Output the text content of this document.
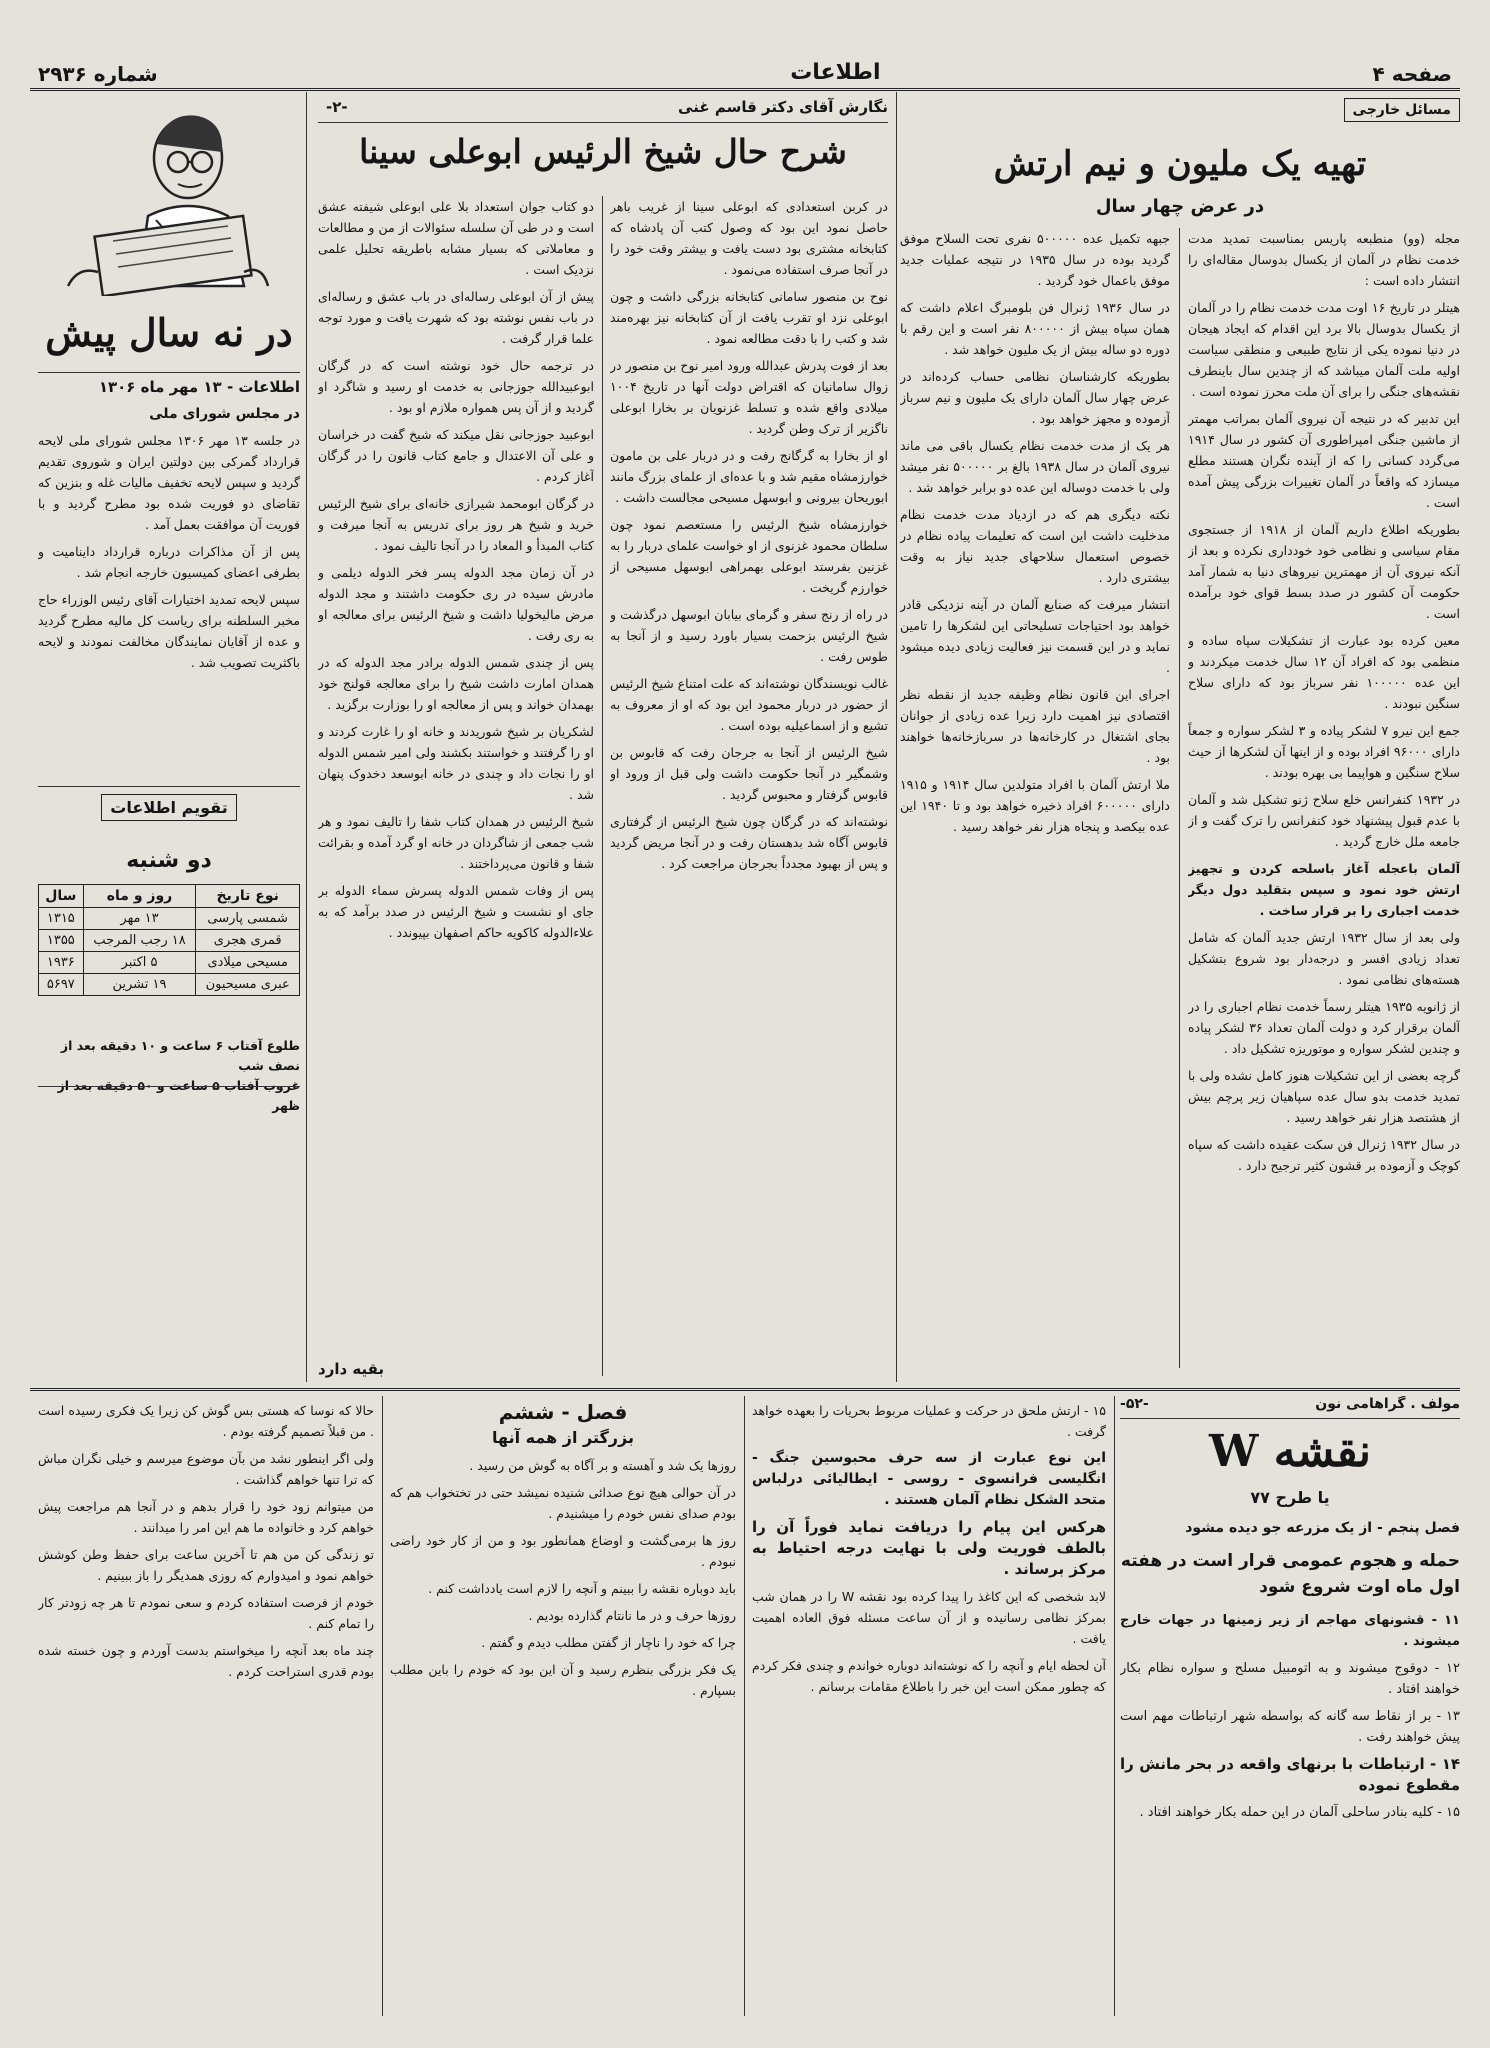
صفحه ۴
اطلاعات
شماره ۲۹۳۶
مسائل خارجی
تهیه یک ملیون و نیم ارتش
در عرض چهار سال

مجله (وو) منطبعه پاریس بمناسبت تمدید مدت خدمت نظام در آلمان از یکسال بدوسال مقاله‌ای را انتشار داده است :

هیتلر در تاریخ ۱۶ اوت مدت خدمت نظام را در آلمان از یکسال بدوسال بالا برد این اقدام که ایجاد هیجان در دنیا نموده یکی از نتایج طبیعی و منطقی سیاست اولیه ملت آلمان میباشد که از چندین سال باینطرف نقشه‌های جنگی را برای آن ملت محرز نموده است .

این تدبیر که در نتیجه آن نیروی آلمان بمراتب مهمتر از ماشین جنگی امپراطوری آن کشور در سال ۱۹۱۴ می‌گردد کسانی را که از آینده نگران هستند مطلع میسازد که واقعاً در آلمان تغییرات بزرگی پیش آمده است .

بطوریکه اطلاع داریم آلمان از ۱۹۱۸ از جستجوی مقام سیاسی و نظامی خود خودداری نکرده و بعد از آنکه نیروی آن از مهمترین نیروهای دنیا به شمار آمد حکومت آن کشور در صدد بسط قوای خود برآمده است .

معین کرده بود عبارت از تشکیلات سپاه ساده و منظمی بود که افراد آن ۱۲ سال خدمت میکردند و این عده ۱۰۰۰۰۰ نفر سرباز بود که دارای سلاح سنگین نبودند .

جمع این نیرو ۷ لشکر پیاده و ۳ لشکر سواره و جمعاً دارای ۹۶۰۰۰ افراد بوده و از اینها آن لشکرها از حیث سلاح سنگین و هواپیما بی بهره بودند .

در ۱۹۳۲ کنفرانس خلع سلاح ژنو تشکیل شد و آلمان با عدم قبول پیشنهاد خود کنفرانس را ترک گفت و از جامعه ملل خارج گردید .

آلمان باعجله آغاز باسلحه کردن و تجهیز ارتش خود نمود و سپس بتقلید دول دیگر خدمت اجباری را بر قرار ساخت .

ولی بعد از سال ۱۹۳۲ ارتش جدید آلمان که شامل تعداد زیادی افسر و درجه‌دار بود شروع بتشکیل هسته‌های نظامی نمود .

از ژانویه ۱۹۳۵ هیتلر رسماً خدمت نظام اجباری را در آلمان برقرار کرد و دولت آلمان تعداد ۳۶ لشکر پیاده و چندین لشکر سواره و موتوریزه تشکیل داد .

گرچه بعضی از این تشکیلات هنوز کامل نشده ولی با تمدید خدمت بدو سال عده سپاهیان زیر پرچم بیش از هشتصد هزار نفر خواهد رسید .

در سال ۱۹۳۲ ژنرال فن سکت عقیده داشت که سپاه کوچک و آزموده بر قشون کثیر ترجیح دارد .

جبهه تکمیل عده ۵۰۰۰۰۰ نفری تحت السلاح موفق گردید بوده در سال ۱۹۳۵ در نتیجه عملیات جدید موفق باعمال خود گردید .

در سال ۱۹۳۶ ژنرال فن بلومبرگ اعلام داشت که همان سپاه بیش از ۸۰۰۰۰۰ نفر است و این رقم با دوره دو ساله بیش از یک ملیون خواهد شد .

بطوریکه کارشناسان نظامی حساب کرده‌اند در عرض چهار سال آلمان دارای یک ملیون و نیم سرباز آزموده و مجهز خواهد بود .

هر یک از مدت خدمت نظام یکسال باقی می ماند نیروی آلمان در سال ۱۹۳۸ بالغ بر ۵۰۰۰۰۰ نفر میشد ولی با خدمت دوساله این عده دو برابر خواهد شد .

نکته دیگری هم که در ازدیاد مدت خدمت نظام مدخلیت داشت این است که تعلیمات پیاده نظام در خصوص استعمال سلاحهای جدید نیاز به وقت بیشتری دارد .

انتشار میرفت که صنایع آلمان در آینه نزدیکی قادر خواهد بود احتیاجات تسلیحاتی این لشکرها را تامین نماید و در این قسمت نیز فعالیت زیادی دیده میشود .

اجرای این قانون نظام وظیفه جدید از نقطه نظر اقتصادی نیز اهمیت دارد زیرا عده زیادی از جوانان بجای اشتغال در کارخانه‌ها در سربازخانه‌ها خواهند بود .

ملا ارتش آلمان با افراد متولدین سال ۱۹۱۴ و ۱۹۱۵ دارای ۶۰۰۰۰۰ افراد ذخیره خواهد بود و تا ۱۹۴۰ این عده بیکصد و پنجاه هزار نفر خواهد رسید .

نگارش آقای دکتر قاسم غنی
-۲-
شرح حال شیخ الرئیس ابوعلی سینا

در کربن استعدادی که ابوعلی سینا از غریب باهر حاصل نمود این بود که وصول کتب آن پادشاه که کتابخانه مشتری بود دست یافت و بیشتر وقت خود را در آنجا صرف استفاده می‌نمود .

نوح بن منصور سامانی کتابخانه بزرگی داشت و چون ابوعلی نزد او تقرب یافت از آن کتابخانه نیز بهره‌مند شد و کتب را با دقت مطالعه نمود .

بعد از فوت پدرش عبدالله ورود امیر نوح بن منصور در زوال سامانیان که اقتراض دولت آنها در تاریخ ۱۰۰۴ میلادی واقع شده و تسلط غزنویان بر بخارا ابوعلی ناگزیر از ترک وطن گردید .

او از بخارا به گرگانج رفت و در دربار علی بن مامون خوارزمشاه مقیم شد و با عده‌ای از علمای بزرگ مانند ابوریحان بیرونی و ابوسهل مسیحی مجالست داشت .

خوارزمشاه شیخ الرئیس را مستعصم نمود چون سلطان محمود غزنوی از او خواست علمای دربار را به غزنین بفرستد ابوعلی بهمراهی ابوسهل مسیحی از خوارزم گریخت .

در راه از رنج سفر و گرمای بیابان ابوسهل درگذشت و شیخ الرئیس بزحمت بسیار باورد رسید و از آنجا به طوس رفت .

غالب نویسندگان نوشته‌اند که علت امتناع شیخ الرئیس از حضور در دربار محمود این بود که او از معروف به تشیع و از اسماعیلیه بوده است .

شیخ الرئیس از آنجا به جرجان رفت که قابوس بن وشمگیر در آنجا حکومت داشت ولی قبل از ورود او قابوس گرفتار و محبوس گردید .

نوشته‌اند که در گرگان چون شیخ الرئیس از گرفتاری قابوس آگاه شد بدهستان رفت و در آنجا مریض گردید و پس از بهبود مجدداً بجرجان مراجعت کرد .

دو کتاب جوان استعداد بلا علی ابوعلی شیفته عشق است و در طی آن سلسله سئوالات از من و مطالعات و معاملاتی که بسیار مشابه باطریقه تحلیل علمی نزدیک است .

پیش از آن ابوعلی رساله‌ای در باب عشق و رساله‌ای در باب نفس نوشته بود که شهرت یافت و مورد توجه علما قرار گرفت .

در ترجمه حال خود نوشته است که در گرگان ابوعبیدالله جوزجانی به خدمت او رسید و شاگرد او گردید و از آن پس همواره ملازم او بود .

ابوعبید جوزجانی نقل میکند که شیخ گفت در خراسان و علی آن الاعتدال و جامع کتاب قانون را در گرگان آغاز کردم .

در گرگان ابومحمد شیرازی خانه‌ای برای شیخ الرئیس خرید و شیخ هر روز برای تدریس به آنجا میرفت و کتاب المبدأ و المعاد را در آنجا تالیف نمود .

در آن زمان مجد الدوله پسر فخر الدوله دیلمی و مادرش سیده در ری حکومت داشتند و مجد الدوله مرض مالیخولیا داشت و شیخ الرئیس برای معالجه او به ری رفت .

پس از چندی شمس الدوله برادر مجد الدوله که در همدان امارت داشت شیخ را برای معالجه قولنج خود بهمدان خواند و پس از معالجه او را بوزارت برگزید .

لشکریان بر شیخ شوریدند و خانه او را غارت کردند و او را گرفتند و خواستند بکشند ولی امیر شمس الدوله او را نجات داد و چندی در خانه ابوسعد دخدوک پنهان شد .

شیخ الرئیس در همدان کتاب شفا را تالیف نمود و هر شب جمعی از شاگردان در خانه او گرد آمده و بقرائت شفا و قانون می‌پرداختند .

پس از وفات شمس الدوله پسرش سماء الدوله بر جای او نشست و شیخ الرئیس در صدد برآمد که به علاءالدوله کاکویه حاکم اصفهان بپیوندد .

بقیه دارد
در نه سال پیش
اطلاعات - ۱۳ مهر ماه ۱۳۰۶
در مجلس شورای ملی

در جلسه ۱۳ مهر ۱۳۰۶ مجلس شورای ملی لایحه قرارداد گمرکی بین دولتین ایران و شوروی تقدیم گردید و سپس لایحه تخفیف مالیات غله و بنزین که تقاضای دو فوریت شده بود مطرح گردید و با فوریت آن موافقت بعمل آمد .

پس از آن مذاکرات درباره قرارداد داینامیت و بطرفی اعضای کمیسیون خارجه انجام شد .

سپس لایحه تمدید اختیارات آقای رئیس الوزراء حاج مخبر السلطنه برای ریاست کل مالیه مطرح گردید و عده از آقایان نمایندگان مخالفت نمودند و لایحه باکثریت تصویب شد .

تقویم اطلاعات
دو شنبه
نوع تاریخ	روز و ماه	سال
شمسی پارسی	۱۳ مهر	۱۳۱۵
قمری هجری	۱۸ رجب المرجب	۱۳۵۵
مسیحی میلادی	۵ اکتبر	۱۹۳۶
عبری مسیحیون	۱۹ تشرین	۵۶۹۷
طلوع آفتاب ۶ ساعت و ۱۰ دقیقه بعد از نصف شب
غروب آفتاب ۵ ساعت و ۵۰ دقیقه بعد از ظهر
مولف . گراهامی نون
-۵۲-
نقشه W
یا طرح ۷۷
فصل پنجم - از یک مزرعه جو دیده مشود
حمله و هجوم عمومی قرار است در هفته اول ماه اوت شروع شود

۱۱ - قشونهای مهاجم از زیر زمینها در جهات خارج میشوند .

۱۲ - دوقوج میشوند و به اتومبیل مسلح و سواره نظام بکار خواهند افتاد .

۱۳ - بر از نقاط سه گانه که بواسطه شهر ارتباطات مهم است پیش خواهند رفت .

۱۴ - ارتباطات با برنهای واقعه در بحر مانش را مقطوع نموده

۱۵ - کلیه بنادر ساحلی آلمان در این حمله بکار خواهند افتاد .

۱۵ - ارتش ملحق در حرکت و عملیات مربوط بحریات را بعهده خواهد گرفت .

این نوع عبارت از سه حرف محبوسین جنگ - انگلیسی فرانسوی - روسی - ایطالیائی درلباس متحد الشکل نظام آلمان هستند .

هرکس این پیام را دریافت نماید فوراً آن را بالطف فوریت ولی با نهایت درجه احتیاط به مرکز برساند .

لابد شخصی که این کاغذ را پیدا کرده بود نقشه W را در همان شب بمرکز نظامی رسانیده و از آن ساعت مسئله فوق العاده اهمیت یافت .

آن لحظه ایام و آنچه را که نوشته‌اند دوباره خواندم و چندی فکر کردم که چطور ممکن است این خبر را باطلاع مقامات برسانم .

فصل - ششم
بزرگتر از همه آنها

روزها یک شد و آهسته و بر آگاه به گوش من رسید .

در آن حوالی هیچ نوع صدائی شنیده نمیشد حتی در تختخواب هم که بودم صدای نفس خودم را میشنیدم .

روز ها برمی‌گشت و اوضاع همانطور بود و من از کار خود راضی نبودم .

باید دوباره نقشه را ببینم و آنچه را لازم است یادداشت کنم .

روزها حرف و در ما نانتام گذارده بودیم .

چرا که خود را ناچار از گفتن مطلب دیدم و گفتم .

یک فکر بزرگی بنظرم رسید و آن این بود که خودم را باین مطلب بسپارم .

حالا که نوسا که هستی بس گوش کن زیرا یک فکری رسیده است . من قبلاً تصمیم گرفته بودم .

ولی اگر اینطور نشد من بآن موضوع میرسم و خیلی نگران مباش که ترا تنها خواهم گذاشت .

من میتوانم زود خود را قرار بدهم و در آنجا هم مراجعت پیش خواهم کرد و خانواده ما هم این امر را میدانند .

تو زندگی کن من هم تا آخرین ساعت برای حفظ وطن کوشش خواهم نمود و امیدوارم که روزی همدیگر را باز ببینیم .

خودم از فرصت استفاده کردم و سعی نمودم تا هر چه زودتر کار را تمام کنم .

چند ماه بعد آنچه را میخواستم بدست آوردم و چون خسته شده بودم قدری استراحت کردم .
